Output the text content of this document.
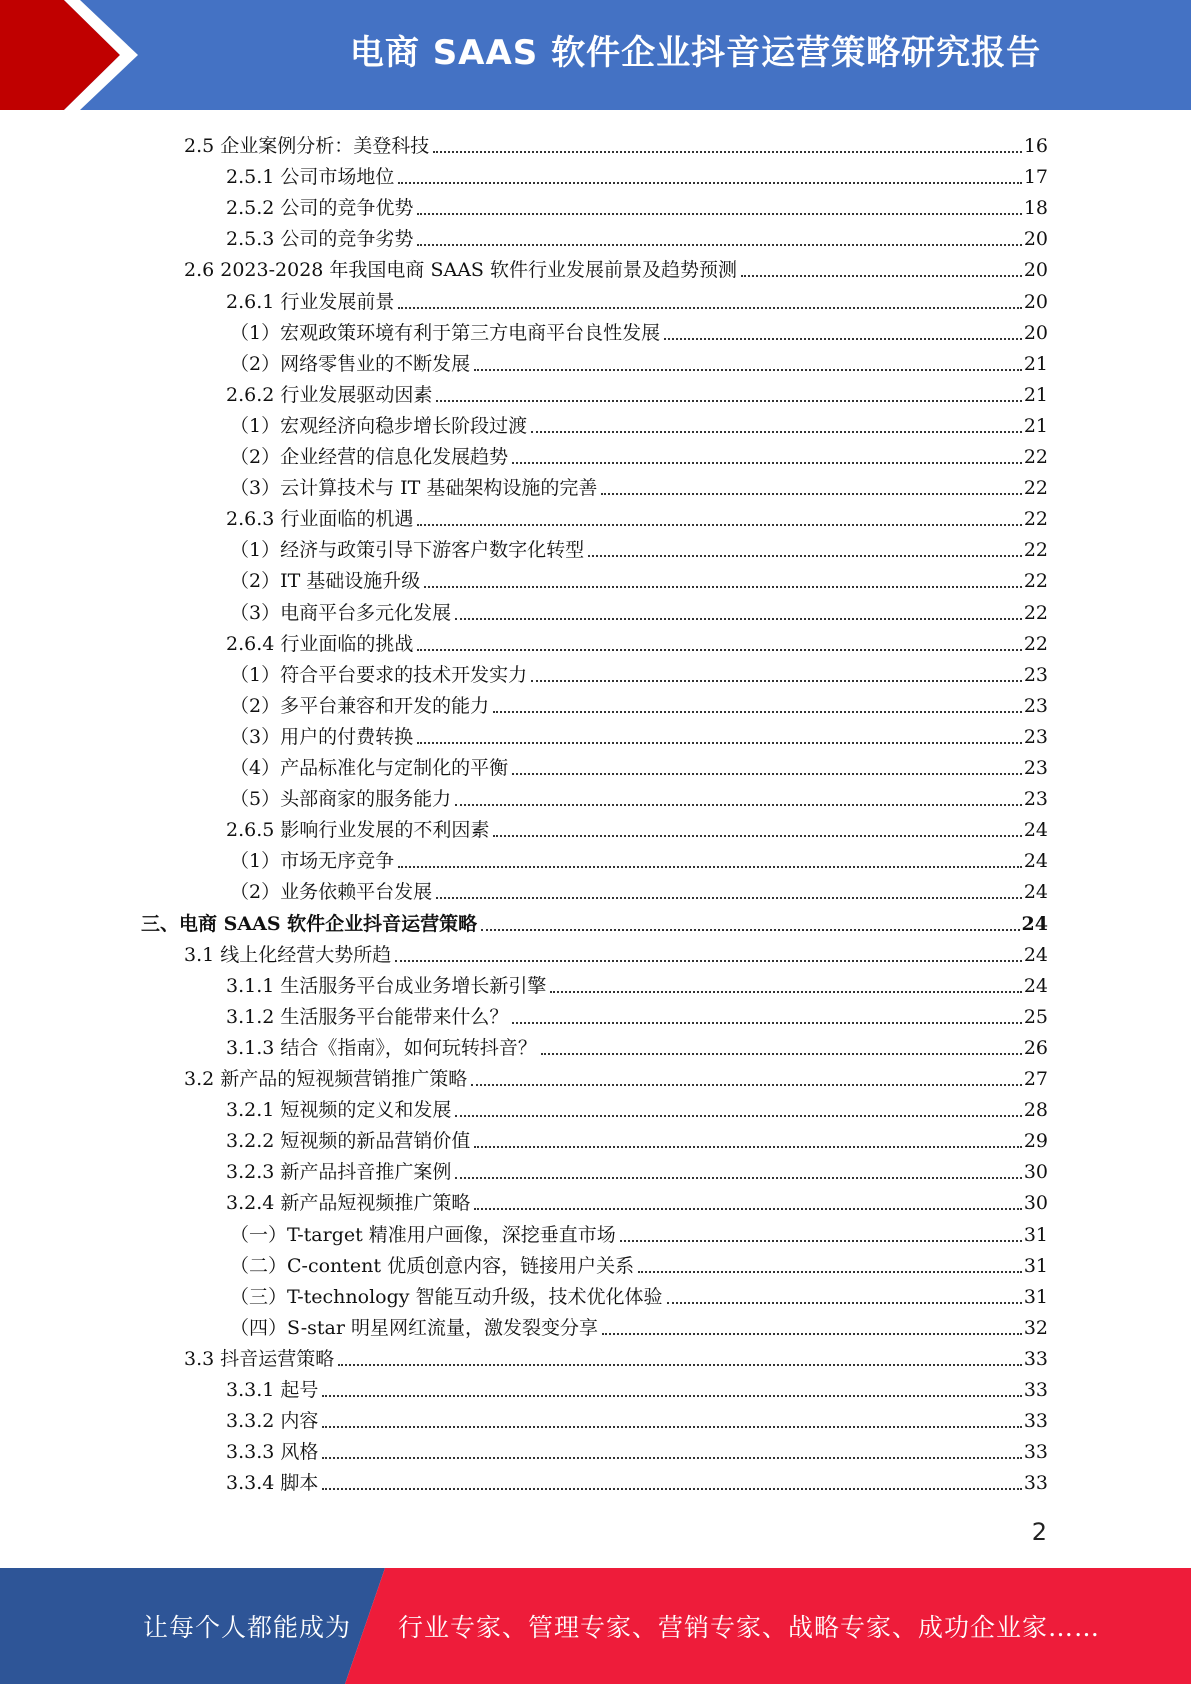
电商 SAAS 软件企业抖音运营策略研究报告
2.5 企业案例分析：美登科技	16
2.5.1 公司市场地位	17
2.5.2 公司的竞争优势	18
2.5.3 公司的竞争劣势	20
2.6 2023-2028 年我国电商 SAAS 软件行业发展前景及趋势预测	20
2.6.1 行业发展前景	20
（1）宏观政策环境有利于第三方电商平台良性发展	20
（2）网络零售业的不断发展	21
2.6.2 行业发展驱动因素	21
（1）宏观经济向稳步增长阶段过渡	21
（2）企业经营的信息化发展趋势	22
（3）云计算技术与 IT 基础架构设施的完善	22
2.6.3 行业面临的机遇	22
（1）经济与政策引导下游客户数字化转型	22
（2）IT 基础设施升级	22
（3）电商平台多元化发展	22
2.6.4 行业面临的挑战	22
（1）符合平台要求的技术开发实力	23
（2）多平台兼容和开发的能力	23
（3）用户的付费转换	23
（4）产品标准化与定制化的平衡	23
（5）头部商家的服务能力	23
2.6.5 影响行业发展的不利因素	24
（1）市场无序竞争	24
（2）业务依赖平台发展	24
三、电商 SAAS 软件企业抖音运营策略	24
3.1 线上化经营大势所趋	24
3.1.1 生活服务平台成业务增长新引擎	24
3.1.2 生活服务平台能带来什么？	25
3.1.3 结合《指南》，如何玩转抖音？	26
3.2 新产品的短视频营销推广策略	27
3.2.1 短视频的定义和发展	28
3.2.2 短视频的新品营销价值	29
3.2.3 新产品抖音推广案例	30
3.2.4 新产品短视频推广策略	30
（一）T-target 精准用户画像，深挖垂直市场	31
（二）C-content 优质创意内容，链接用户关系	31
（三）T-technology 智能互动升级，技术优化体验	31
（四）S-star 明星网红流量，激发裂变分享	32
3.3 抖音运营策略	33
3.3.1 起号	33
3.3.2 内容	33
3.3.3 风格	33
3.3.4 脚本	33
2
让每个人都能成为 行业专家、管理专家、营销专家、战略专家、成功企业家……
